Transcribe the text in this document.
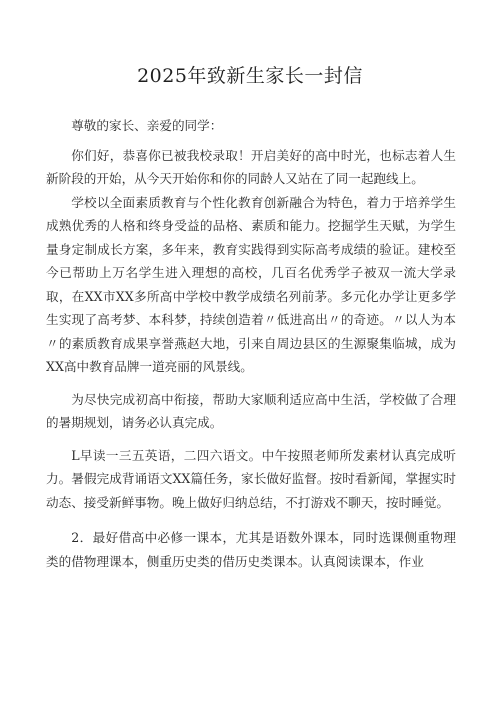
2025年致新生家长一封信

尊敬的家长、亲爱的同学：

你们好，恭喜你已被我校录取！开启美好的高中时光，也标志着人生新阶段的开始，从今天开始你和你的同龄人又站在了同一起跑线上。

学校以全面素质教育与个性化教育创新融合为特色，着力于培养学生成熟优秀的人格和终身受益的品格、素质和能力。挖掘学生天赋，为学生量身定制成长方案，多年来，教育实践得到实际高考成绩的验证。建校至今已帮助上万名学生进入理想的高校，几百名优秀学子被双一流大学录取，在XX市XX多所高中学校中教学成绩名列前茅。多元化办学让更多学生实现了高考梦、本科梦，持续创造着〃低进高出〃的奇迹。〃以人为本〃的素质教育成果享誉燕赵大地，引来自周边县区的生源聚集临城，成为XX高中教育品牌一道亮丽的风景线。

为尽快完成初高中衔接，帮助大家顺利适应高中生活，学校做了合理的暑期规划，请务必认真完成。

L早读一三五英语，二四六语文。中午按照老师所发素材认真完成听力。暑假完成背诵语文XX篇任务，家长做好监督。按时看新闻，掌握实时动态、接受新鲜事物。晚上做好归纳总结，不打游戏不聊天，按时睡觉。

2．最好借高中必修一课本，尤其是语数外课本，同时选课侧重物理类的借物理课本，侧重历史类的借历史类课本。认真阅读课本，作业
